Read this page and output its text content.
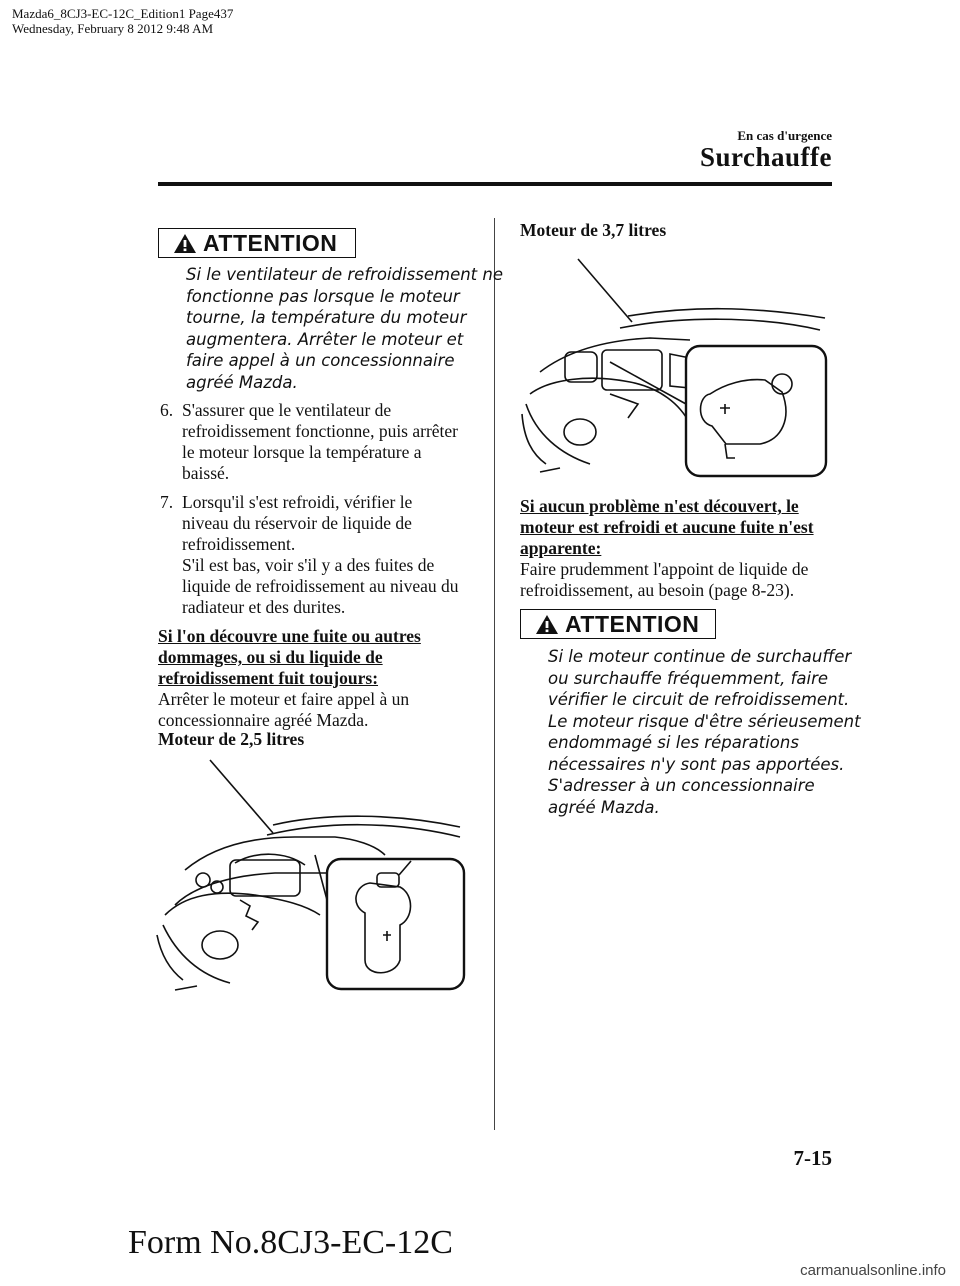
Mazda6_8CJ3-EC-12C_Edition1 Page437
Wednesday, February 8 2012 9:48 AM
En cas d'urgence
Surchauffe
ATTENTION
Si le ventilateur de refroidissement ne
fonctionne pas lorsque le moteur
tourne, la température du moteur
augmentera. Arrêter le moteur et
faire appel à un concessionnaire
agréé Mazda.
6. S'assurer que le ventilateur de
refroidissement fonctionne, puis arrêter
le moteur lorsque la température a
baissé.
7. Lorsqu'il s'est refroidi, vérifier le
niveau du réservoir de liquide de
refroidissement.
S'il est bas, voir s'il y a des fuites de
liquide de refroidissement au niveau du
radiateur et des durites.
Si l'on découvre une fuite ou autres
dommages, ou si du liquide de
refroidissement fuit toujours:
Arrêter le moteur et faire appel à un
concessionnaire agréé Mazda.
Moteur de 2,5 litres
Moteur de 3,7 litres
Si aucun problème n'est découvert, le
moteur est refroidi et aucune fuite n'est
apparente:
Faire prudemment l'appoint de liquide de
refroidissement, au besoin (page 8-23).
ATTENTION
Si le moteur continue de surchauffer
ou surchauffe fréquemment, faire
vérifier le circuit de refroidissement.
Le moteur risque d'être sérieusement
endommagé si les réparations
nécessaires n'y sont pas apportées.
S'adresser à un concessionnaire
agréé Mazda.
7-15
Form No.8CJ3-EC-12C
carmanualsonline.info
